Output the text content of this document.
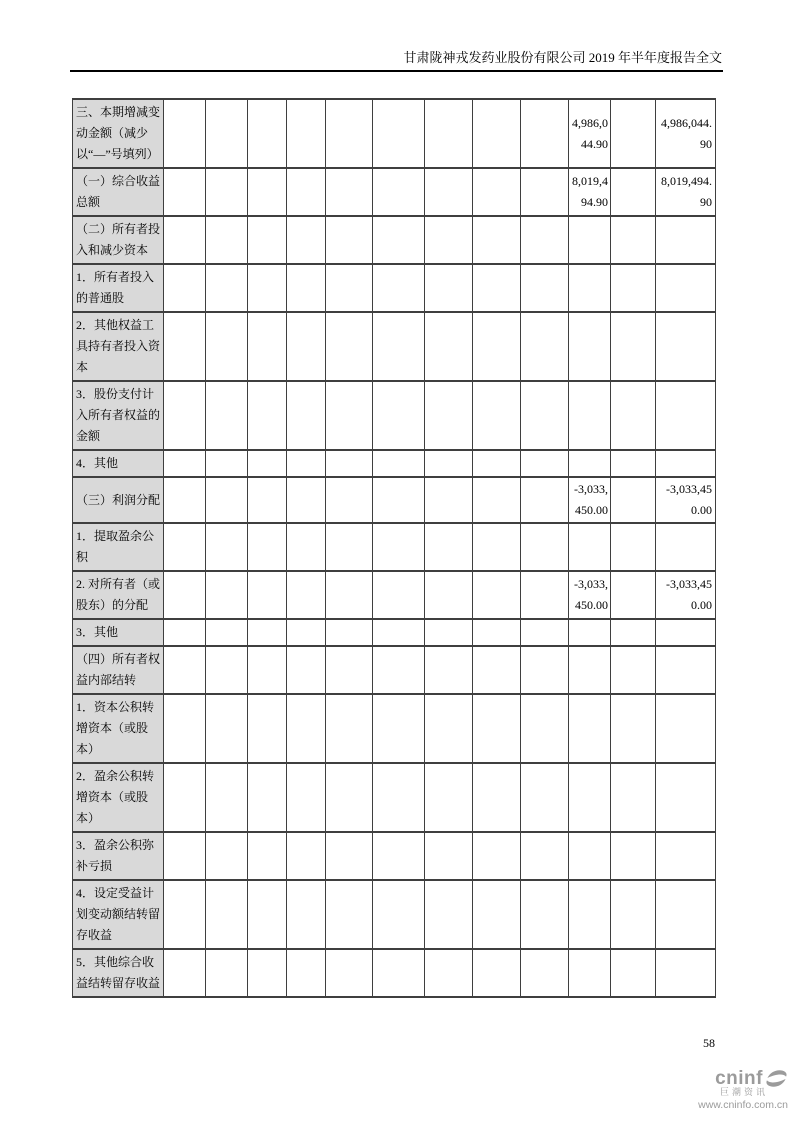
甘肃陇神戎发药业股份有限公司 2019 年半年度报告全文
三、本期增减变动金额（减少以“—”号填列）										4,986,044.90		4,986,044.90
（一）综合收益总额										8,019,494.90		8,019,494.90
（二）所有者投入和减少资本												
1．所有者投入的普通股												
2．其他权益工具持有者投入资本												
3．股份支付计入所有者权益的金额												
4．其他												
（三）利润分配										-3,033,450.00		-3,033,450.00
1．提取盈余公积												
2. 对所有者（或股东）的分配										-3,033,450.00		-3,033,450.00
3．其他												
（四）所有者权益内部结转												
1．资本公积转增资本（或股本）												
2．盈余公积转增资本（或股本）												
3．盈余公积弥补亏损												
4．设定受益计划变动额结转留存收益												
5．其他综合收益结转留存收益												
58
cninf
巨潮资讯
www.cninfo.com.cn
